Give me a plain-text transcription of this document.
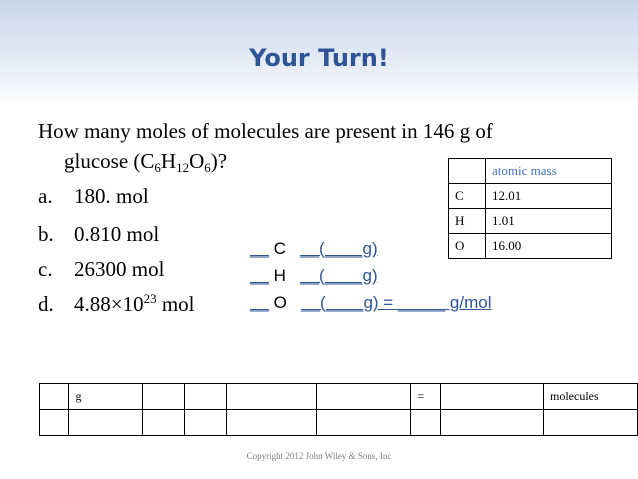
Your Turn!
How many moles of molecules are present in 146 g of
glucose $(C_6H_{12}O_6)$?
a. 180. mol
b. 0.810 mol
c. 26300 mol
d. $4.88\times 10^{23}$ mol
	atomic mass
C	12.01
H	1.01
O	16.00
__ C __(____g)
__ H __(____g)
__ O __(____g) = _____ g/mol
	g					=		molecules

Copyright 2012 John Wiley & Sons, Inc
